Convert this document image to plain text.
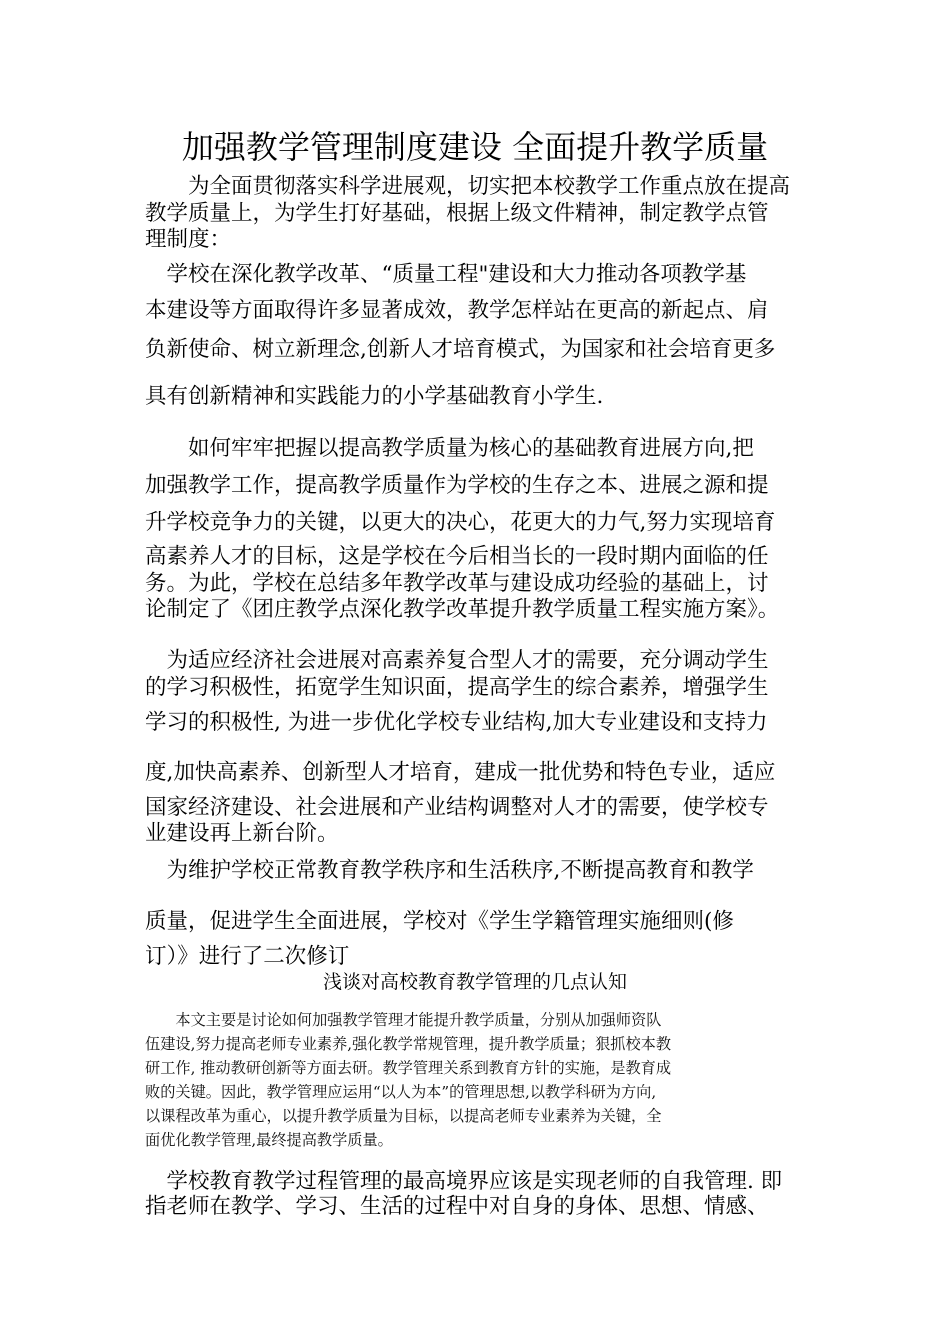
加强教学管理制度建设 全面提升教学质量
　　为全面贯彻落实科学进展观，切实把本校教学工作重点放在提高
教学质量上，为学生打好基础，根据上级文件精神，制定教学点管
理制度：
　学校在深化教学改革、“质量工程"建设和大力推动各项教学基
本建设等方面取得许多显著成效，教学怎样站在更高的新起点、肩
负新使命、树立新理念,创新人才培育模式，为国家和社会培育更多
具有创新精神和实践能力的小学基础教育小学生.
　　如何牢牢把握以提高教学质量为核心的基础教育进展方向,把
加强教学工作，提高教学质量作为学校的生存之本、进展之源和提
升学校竞争力的关键，以更大的决心，花更大的力气,努力实现培育
高素养人才的目标，这是学校在今后相当长的一段时期内面临的任
务。为此，学校在总结多年教学改革与建设成功经验的基础上，讨
论制定了《团庄教学点深化教学改革提升教学质量工程实施方案》。
　为适应经济社会进展对高素养复合型人才的需要，充分调动学生
的学习积极性，拓宽学生知识面，提高学生的综合素养，增强学生
学习的积极性, 为进一步优化学校专业结构,加大专业建设和支持力
度,加快高素养、创新型人才培育，建成一批优势和特色专业，适应
国家经济建设、社会进展和产业结构调整对人才的需要，使学校专
业建设再上新台阶。
　为维护学校正常教育教学秩序和生活秩序,不断提高教育和教学
质量，促进学生全面进展，学校对《学生学籍管理实施细则(修
订）》进行了二次修订
浅谈对高校教育教学管理的几点认知
　　本文主要是讨论如何加强教学管理才能提升教学质量，分别从加强师资队
伍建设,努力提高老师专业素养,强化教学常规管理，提升教学质量；狠抓校本教
研工作, 推动教研创新等方面去研。教学管理关系到教育方针的实施，是教育成
败的关键。因此，教学管理应运用“以人为本”的管理思想,以教学科研为方向,
以课程改革为重心，以提升教学质量为目标，以提高老师专业素养为关键，全
面优化教学管理,最终提高教学质量。
　学校教育教学过程管理的最高境界应该是实现老师的自我管理. 即
指老师在教学、学习、生活的过程中对自身的身体、思想、情感、
